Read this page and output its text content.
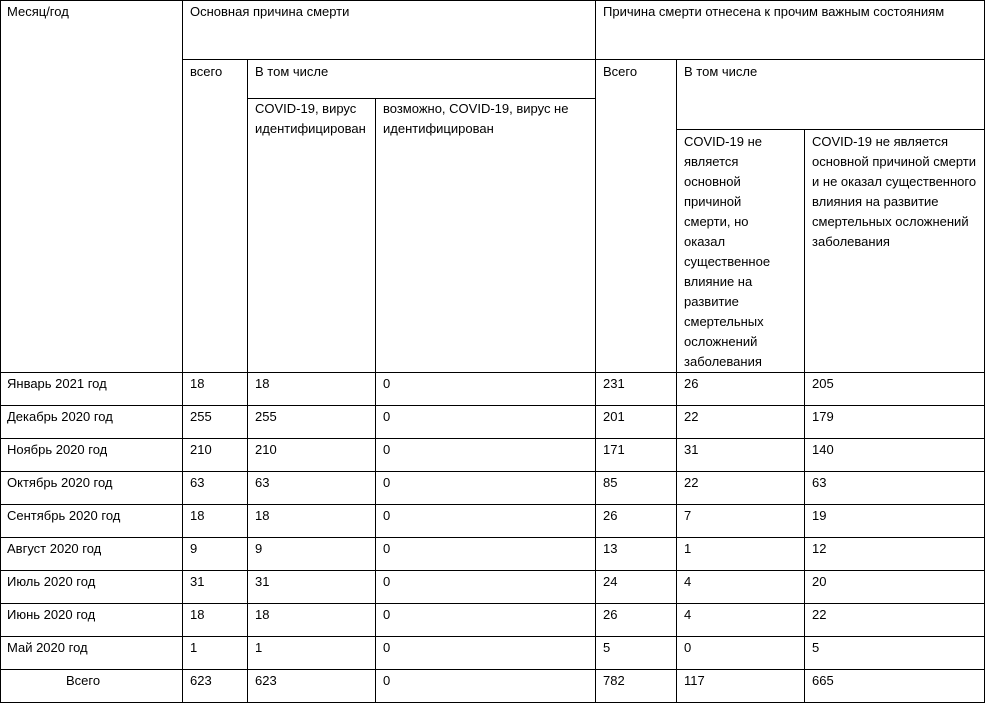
Месяц/год	Основная причина смерти			Причина смерти отнесена к прочим важным состояниям		
	всего	В том числе		Всего	В том числе	
		COVID-19, вирус идентифицирован	возможно, COVID-19, вирус не идентифицирован			
					COVID-19 не является основной причиной смерти, но оказал существенное влияние на развитие смертельных осложнений заболевания	COVID-19 не является основной причиной смерти и не оказал существенного влияния на развитие смертельных осложнений заболевания
Январь 2021 год	18	18	0	231	26	205
Декабрь 2020 год	255	255	0	201	22	179
Ноябрь 2020 год	210	210	0	171	31	140
Октябрь 2020 год	63	63	0	85	22	63
Сентябрь 2020 год	18	18	0	26	7	19
Август 2020 год	9	9	0	13	1	12
Июль 2020 год	31	31	0	24	4	20
Июнь 2020 год	18	18	0	26	4	22
Май 2020 год	1	1	0	5	0	5
Всего	623	623	0	782	117	665
